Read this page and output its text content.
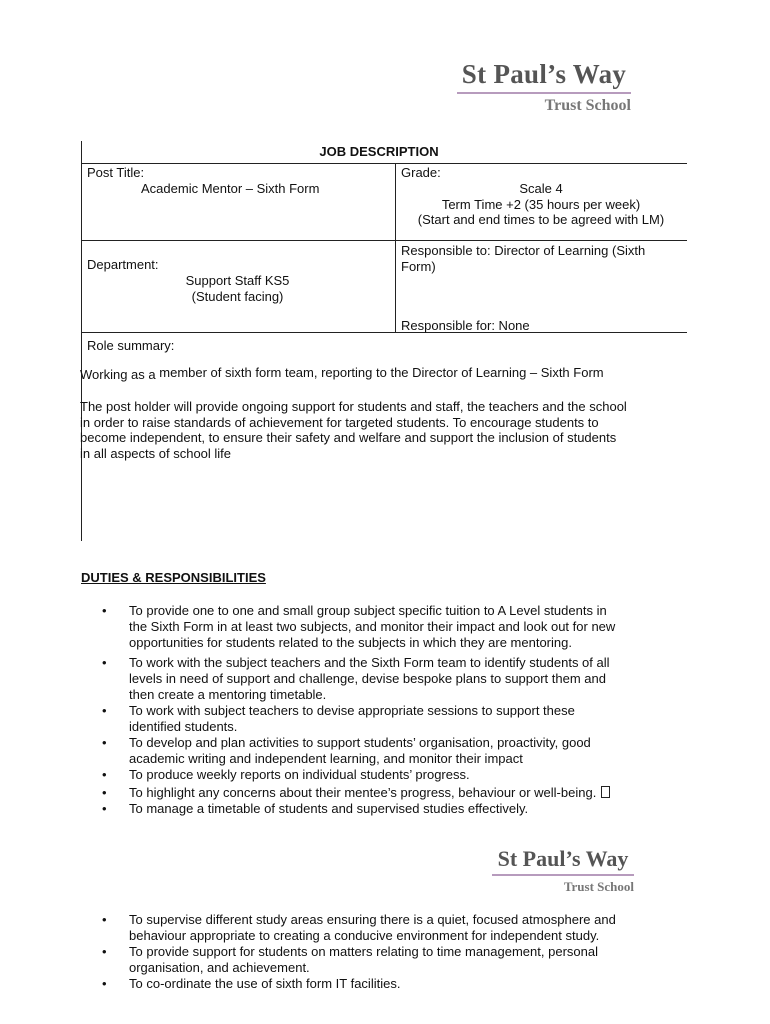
St Paul’s Way
Trust School
JOB DESCRIPTION
Post Title:
Academic Mentor – Sixth Form
Grade:
Scale 4
Term Time +2 (35 hours per week)
(Start and end times to be agreed with LM)
Department:
Support Staff KS5
(Student facing)
Responsible to: Director of Learning (Sixth
Form)
Responsible for: None
Role summary:
Working as a member of sixth form team, reporting to the Director of Learning – Sixth Form
The post holder will provide ongoing support for students and staff, the teachers and the school
in order to raise standards of achievement for targeted students. To encourage students to
become independent, to ensure their safety and welfare and support the inclusion of students
in all aspects of school life
DUTIES & RESPONSIBILITIES
• To provide one to one and small group subject specific tuition to A Level students in
the Sixth Form in at least two subjects, and monitor their impact and look out for new
opportunities for students related to the subjects in which they are mentoring.
• To work with the subject teachers and the Sixth Form team to identify students of all
levels in need of support and challenge, devise bespoke plans to support them and
then create a mentoring timetable.
• To work with subject teachers to devise appropriate sessions to support these
identified students.
• To develop and plan activities to support students’ organisation, proactivity, good
academic writing and independent learning, and monitor their impact
• To produce weekly reports on individual students’ progress.
• To highlight any concerns about their mentee’s progress, behaviour or well-being.
• To manage a timetable of students and supervised studies effectively.
St Paul’s Way
Trust School
• To supervise different study areas ensuring there is a quiet, focused atmosphere and
behaviour appropriate to creating a conducive environment for independent study.
• To provide support for students on matters relating to time management, personal
organisation, and achievement.
• To co-ordinate the use of sixth form IT facilities.
